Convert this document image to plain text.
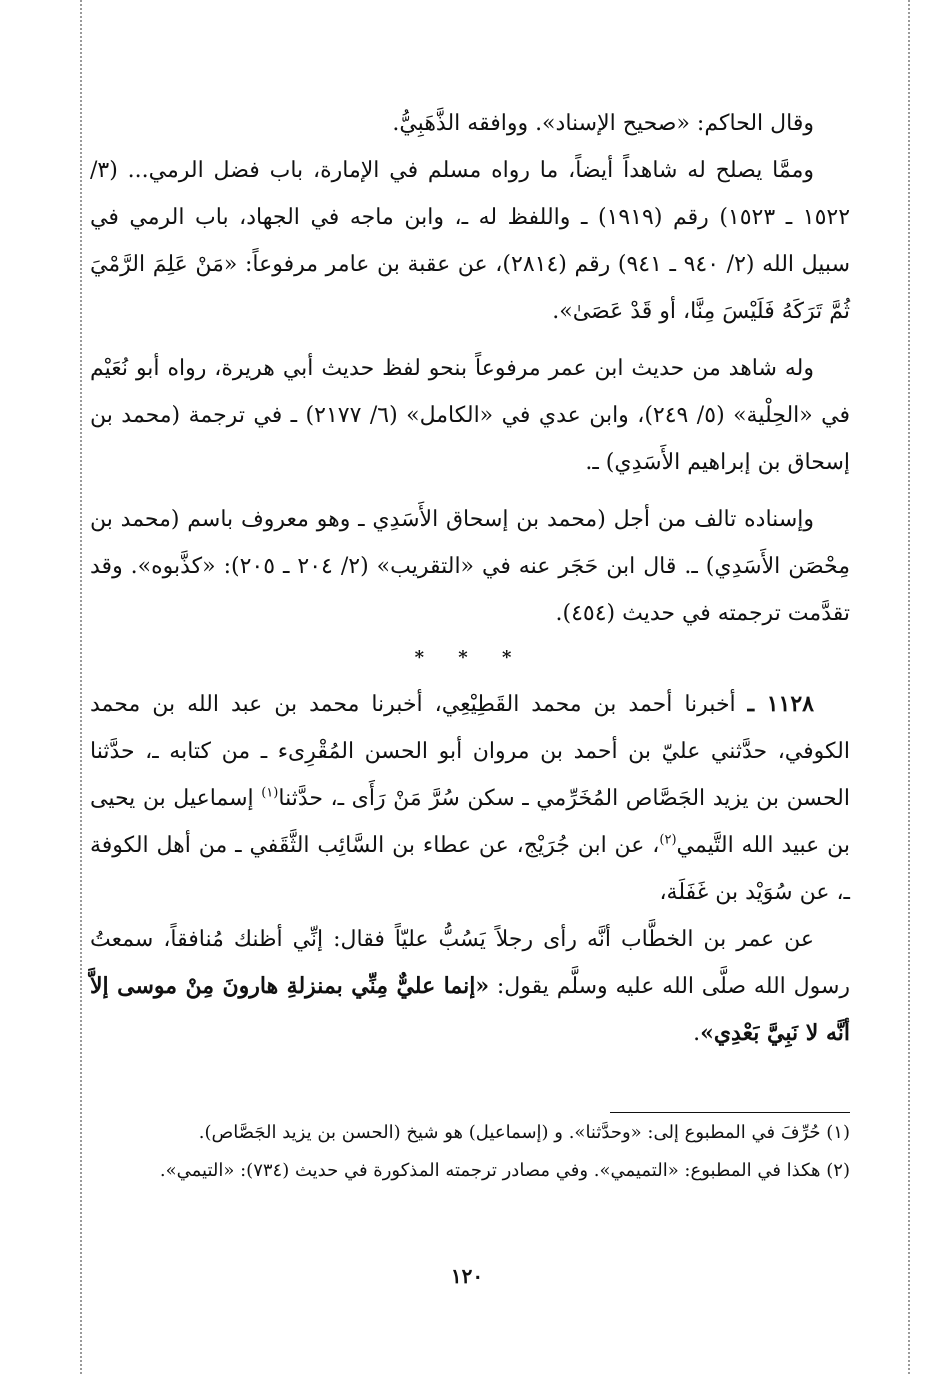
وقال الحاكم: «صحيح الإسناد». ووافقه الذَّهَبِيُّ.

وممَّا يصلح له شاهداً أيضاً، ما رواه مسلم في الإمارة، باب فضل الرمي... (٣/ ١٥٢٢ ـ ١٥٢٣) رقم (١٩١٩) ـ واللفظ له ـ، وابن ماجه في الجهاد، باب الرمي في سبيل الله (٢/ ٩٤٠ ـ ٩٤١) رقم (٢٨١٤)، عن عقبة بن عامر مرفوعاً: «مَنْ عَلِمَ الرَّمْيَ ثُمَّ تَرَكَهُ فَلَيْسَ مِنَّا، أو قَدْ عَصَىٰ».

وله شاهد من حديث ابن عمر مرفوعاً بنحو لفظ حديث أبي هريرة، رواه أبو نُعَيْم في «الحِلْية» (٥/ ٢٤٩)، وابن عدي في «الكامل» (٦/ ٢١٧٧) ـ في ترجمة (محمد بن إسحاق بن إبراهيم الأَسَدِي) ـ.

وإسناده تالف من أجل (محمد بن إسحاق الأَسَدِي ـ وهو معروف باسم (محمد بن مِحْصَن الأَسَدِي) ـ. قال ابن حَجَر عنه في «التقريب» (٢/ ٢٠٤ ـ ٢٠٥): «كذَّبوه». وقد تقدَّمت ترجمته في حديث (٤٥٤).

* * *

١١٢٨ ـ أخبرنا أحمد بن محمد القَطِيْعِي، أخبرنا محمد بن عبد الله بن محمد الكوفي، حدَّثني عليّ بن أحمد بن مروان أبو الحسن المُقْرِىء ـ من كتابه ـ، حدَّثنا الحسن بن يزيد الجَصَّاص المُخَرِّمي ـ سكن سُرَّ مَنْ رَأَى ـ، حدَّثنا$^{(١)}$ إسماعيل بن يحيى بن عبيد الله التَّيمي$^{(٢)}$، عن ابن جُرَيْج، عن عطاء بن السَّائِب الثَّقَفي ـ من أهل الكوفة ـ، عن سُوَيْد بن غَفَلَة،

عن عمر بن الخطَّاب أنَّه رأى رجلاً يَسُبُّ عليّاً فقال: إنِّي أظنك مُنافقاً، سمعتُ رسول الله صلَّى الله عليه وسلَّم يقول: «إنما عليٌّ مِنِّي بمنزلةِ هارونَ مِنْ موسى إلاَّ أنَّه لا نَبِيَّ بَعْدِي».

(١) حُرِّفَ في المطبوع إلى: «وحدَّثنا». و (إسماعيل) هو شيخ (الحسن بن يزيد الجَصَّاص).

(٢) هكذا في المطبوع: «التميمي». وفي مصادر ترجمته المذكورة في حديث (٧٣٤): «التيمي».

١٢٠
